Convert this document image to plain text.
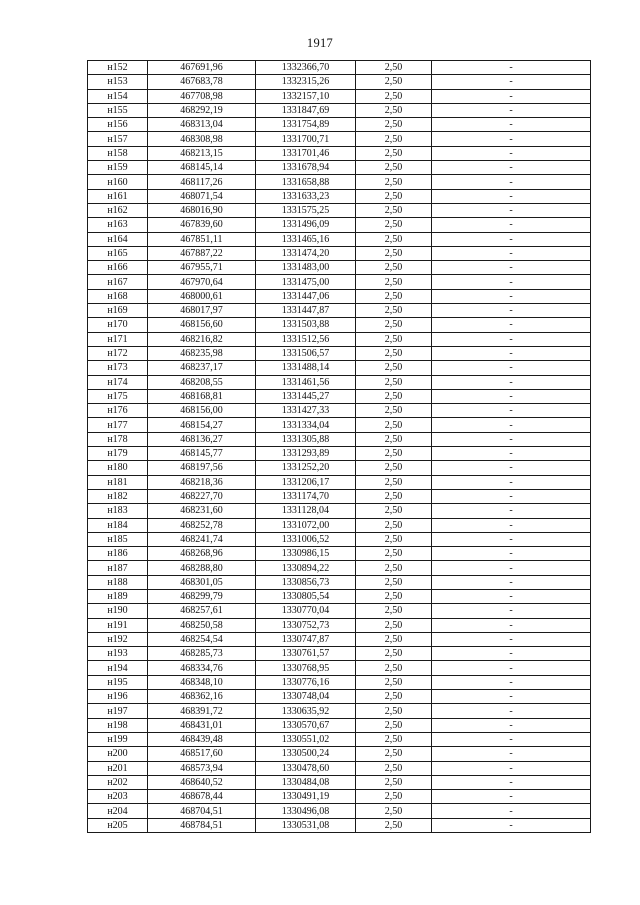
1917
н152	467691,96	1332366,70	2,50	-
н153	467683,78	1332315,26	2,50	-
н154	467708,98	1332157,10	2,50	-
н155	468292,19	1331847,69	2,50	-
н156	468313,04	1331754,89	2,50	-
н157	468308,98	1331700,71	2,50	-
н158	468213,15	1331701,46	2,50	-
н159	468145,14	1331678,94	2,50	-
н160	468117,26	1331658,88	2,50	-
н161	468071,54	1331633,23	2,50	-
н162	468016,90	1331575,25	2,50	-
н163	467839,60	1331496,09	2,50	-
н164	467851,11	1331465,16	2,50	-
н165	467887,22	1331474,20	2,50	-
н166	467955,71	1331483,00	2,50	-
н167	467970,64	1331475,00	2,50	-
н168	468000,61	1331447,06	2,50	-
н169	468017,97	1331447,87	2,50	-
н170	468156,60	1331503,88	2,50	-
н171	468216,82	1331512,56	2,50	-
н172	468235,98	1331506,57	2,50	-
н173	468237,17	1331488,14	2,50	-
н174	468208,55	1331461,56	2,50	-
н175	468168,81	1331445,27	2,50	-
н176	468156,00	1331427,33	2,50	-
н177	468154,27	1331334,04	2,50	-
н178	468136,27	1331305,88	2,50	-
н179	468145,77	1331293,89	2,50	-
н180	468197,56	1331252,20	2,50	-
н181	468218,36	1331206,17	2,50	-
н182	468227,70	1331174,70	2,50	-
н183	468231,60	1331128,04	2,50	-
н184	468252,78	1331072,00	2,50	-
н185	468241,74	1331006,52	2,50	-
н186	468268,96	1330986,15	2,50	-
н187	468288,80	1330894,22	2,50	-
н188	468301,05	1330856,73	2,50	-
н189	468299,79	1330805,54	2,50	-
н190	468257,61	1330770,04	2,50	-
н191	468250,58	1330752,73	2,50	-
н192	468254,54	1330747,87	2,50	-
н193	468285,73	1330761,57	2,50	-
н194	468334,76	1330768,95	2,50	-
н195	468348,10	1330776,16	2,50	-
н196	468362,16	1330748,04	2,50	-
н197	468391,72	1330635,92	2,50	-
н198	468431,01	1330570,67	2,50	-
н199	468439,48	1330551,02	2,50	-
н200	468517,60	1330500,24	2,50	-
н201	468573,94	1330478,60	2,50	-
н202	468640,52	1330484,08	2,50	-
н203	468678,44	1330491,19	2,50	-
н204	468704,51	1330496,08	2,50	-
н205	468784,51	1330531,08	2,50	-
